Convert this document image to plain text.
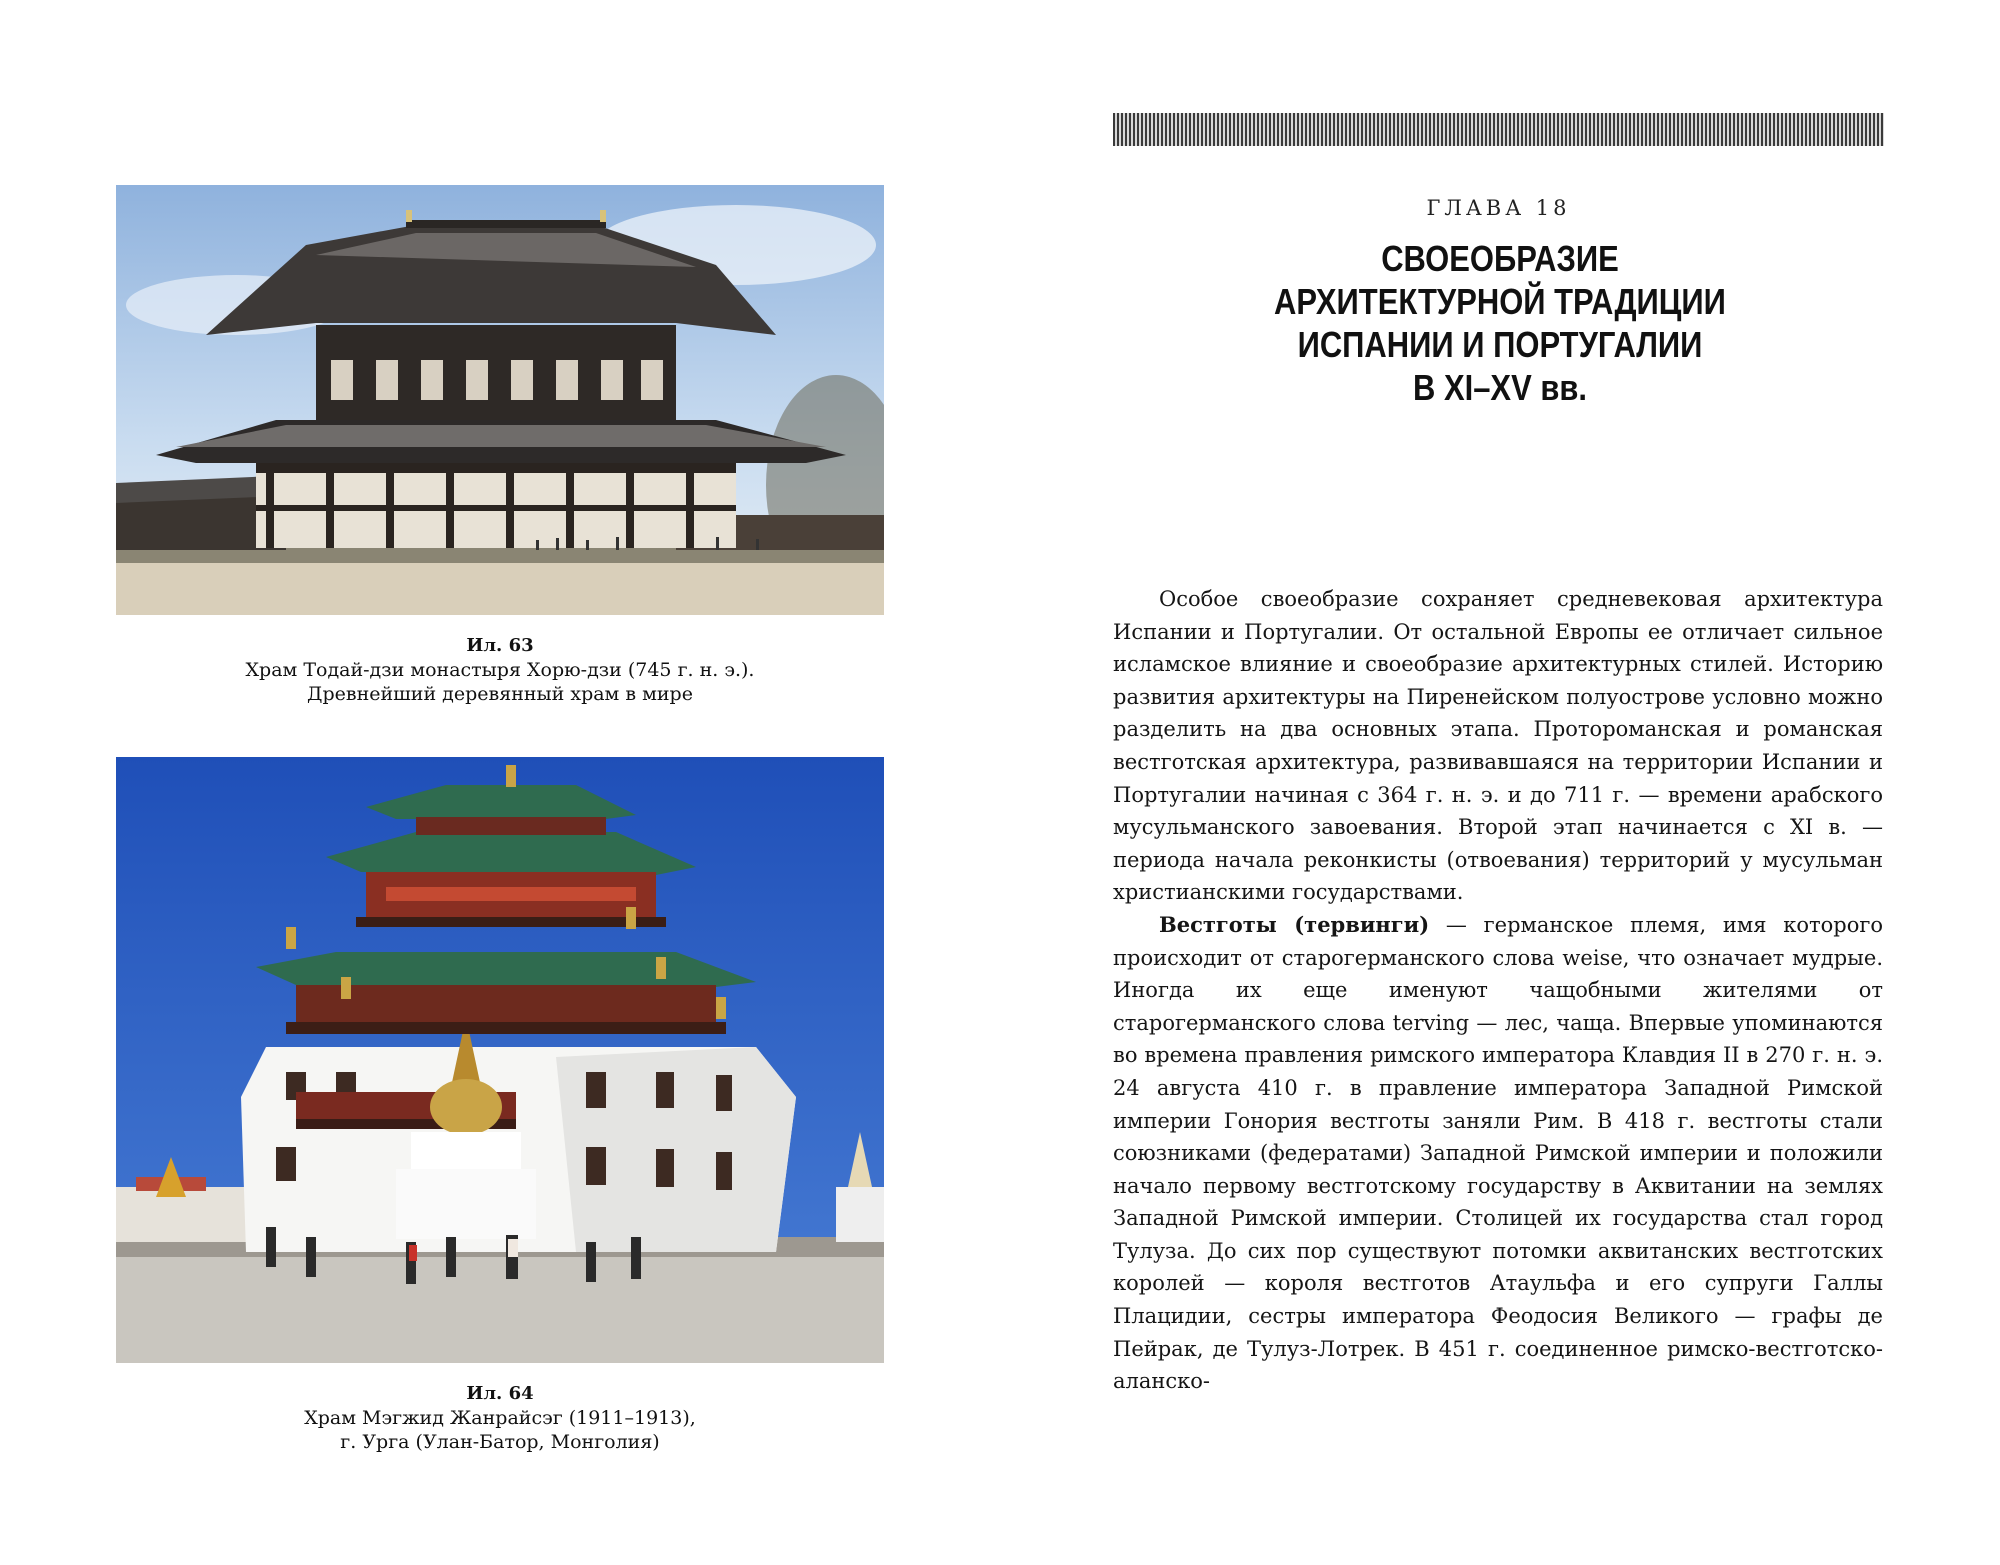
Ил. 63
Храм Тодай-дзи монастыря Хорю-дзи (745 г. н. э.).
Древнейший деревянный храм в мире
Ил. 64
Храм Мэгжид Жанрайсэг (1911–1913),
г. Урга (Улан-Батор, Монголия)
ГЛАВА 18
СВОЕОБРАЗИЕ
АРХИТЕКТУРНОЙ ТРАДИЦИИ
ИСПАНИИ И ПОРТУГАЛИИ
В XI–XV вв.

Особое своеобразие сохраняет средневековая архитектура Испании и Португалии. От остальной Европы ее отличает сильное исламское влияние и своеобразие архитектурных стилей. Историю развития архитектуры на Пиренейском полуострове условно можно разделить на два основных этапа. Протороманская и романская вестготская архитектура, развивавшаяся на территории Испании и Португалии начиная с 364 г. н. э. и до 711 г. — времени арабского мусульманского завоевания. Второй этап начинается с XI в. — периода начала реконкисты (отвоевания) территорий у мусульман христианскими государствами.

Вестготы (тервинги) — германское племя, имя которого происходит от старогерманского слова weise, что означает мудрые. Иногда их еще именуют чащобными жителями от старогерманского слова terving — лес, чаща. Впервые упоминаются во времена правления римского императора Клавдия II в 270 г. н. э. 24 августа 410 г. в правление императора Западной Римской империи Гонория вестготы заняли Рим. В 418 г. вестготы стали союзниками (федератами) Западной Римской империи и положили начало первому вестготскому государству в Аквитании на землях Западной Римской империи. Столицей их государства стал город Тулуза. До сих пор существуют потомки аквитанских вестготских королей — короля вестготов Атаульфа и его супруги Галлы Плацидии, сестры императора Феодосия Великого — графы де Пейрак, де Тулуз-Лотрек. В 451 г. соединенное римско-вестготско-аланско-
